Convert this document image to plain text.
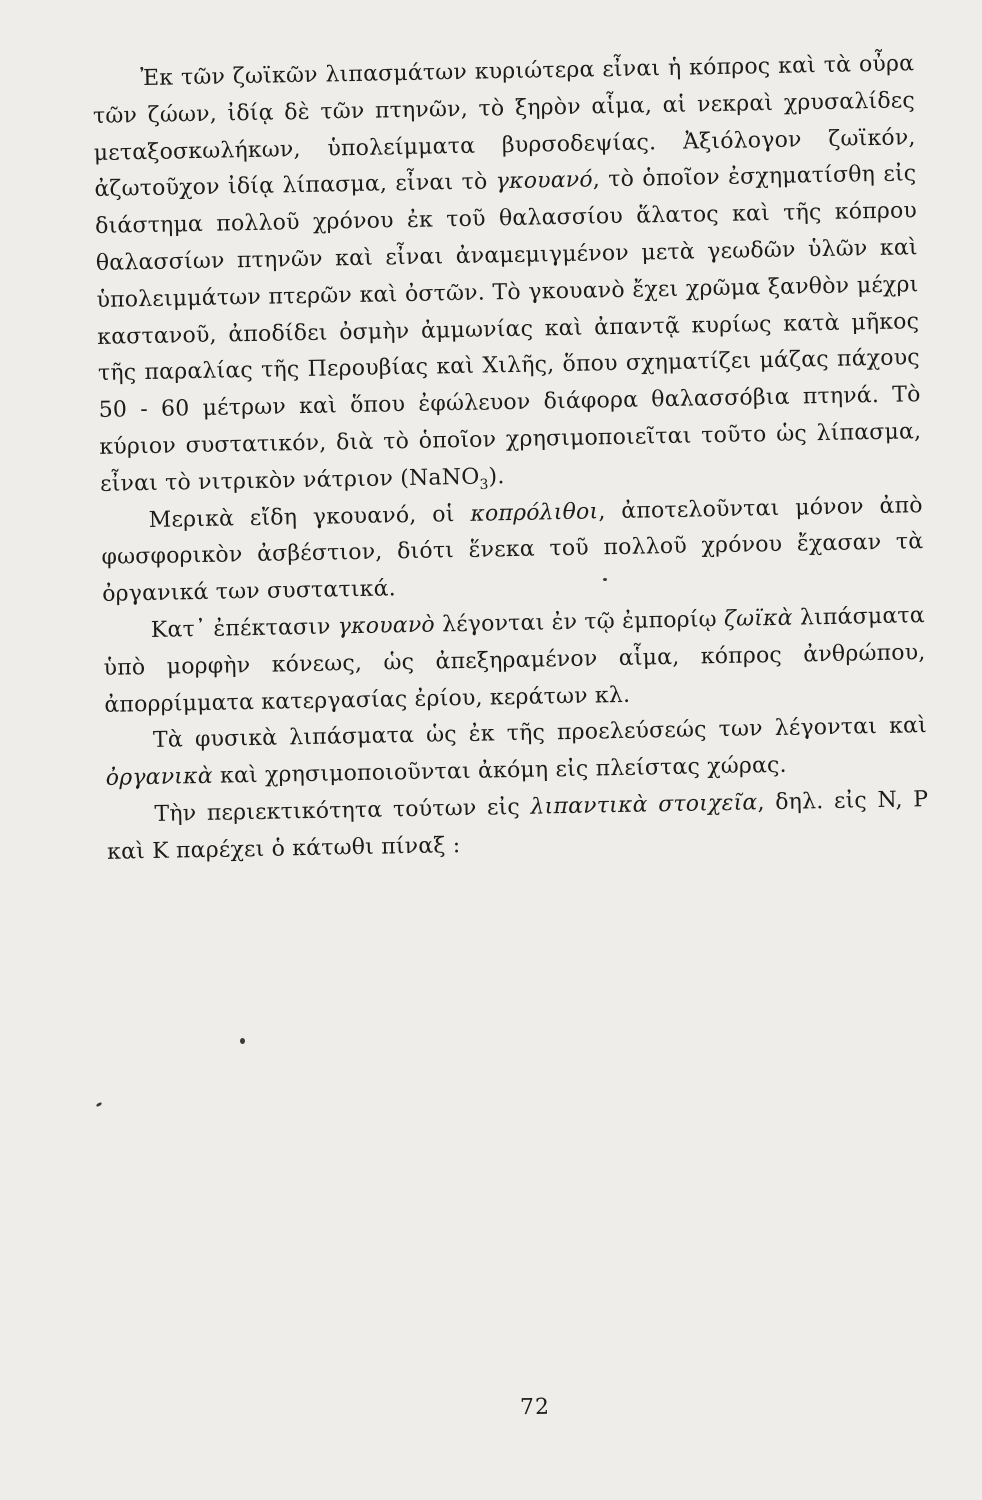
Ἐκ τῶν ζωϊκῶν λιπασμάτων κυριώτερα εἶναι ἡ κόπρος καὶ τὰ οὖρα τῶν ζώων, ἰδίᾳ δὲ τῶν πτηνῶν, τὸ ξηρὸν αἷμα, αἱ νεκραὶ χρυσαλίδες μεταξοσκωλήκων, ὑπολείμματα βυρσοδεψίας. Ἀξιόλογον ζωϊκόν, ἀζωτοῦχον ἰδίᾳ λίπασμα, εἶναι τὸ γκουανό, τὸ ὁποῖον ἐσχηματίσθη εἰς διάστημα πολλοῦ χρόνου ἐκ τοῦ θαλασσίου ἅλατος καὶ τῆς κόπρου θαλασσίων πτηνῶν καὶ εἶναι ἀναμεμιγμένον μετὰ γεωδῶν ὑλῶν καὶ ὑπολειμμάτων πτερῶν καὶ ὀστῶν. Τὸ γκουανὸ ἔχει χρῶμα ξανθὸν μέχρι καστανοῦ, ἀποδίδει ὀσμὴν ἀμμωνίας καὶ ἀπαντᾷ κυρίως κατὰ μῆκος τῆς παραλίας τῆς Περουβίας καὶ Χιλῆς, ὅπου σχηματίζει μάζας πάχους 50 - 60 μέτρων καὶ ὅπου ἐφώλευον διάφορα θαλασσόβια πτηνά. Τὸ κύριον συστατικόν, διὰ τὸ ὁποῖον χρησιμοποιεῖται τοῦτο ὡς λίπασμα, εἶναι τὸ νιτρικὸν νάτριον (NaNO$_3$).

Μερικὰ εἴδη γκουανό, οἱ κοπρόλιθοι, ἀποτελοῦνται μόνον ἀπὸ φωσφορικὸν ἀσβέστιον, διότι ἕνεκα τοῦ πολλοῦ χρόνου ἔχασαν τὰ ὀργανικά των συστατικά.

Κατ᾽ ἐπέκτασιν γκουανὸ λέγονται ἐν τῷ ἐμπορίῳ ζωϊκὰ λιπάσματα ὑπὸ μορφὴν κόνεως, ὡς ἀπεξηραμένον αἷμα, κόπρος ἀνθρώπου, ἀπορρίμματα κατεργασίας ἐρίου, κεράτων κλ.

Τὰ φυσικὰ λιπάσματα ὡς ἐκ τῆς προελεύσεώς των λέγονται καὶ ὀργανικὰ καὶ χρησιμοποιοῦνται ἀκόμη εἰς πλείστας χώρας.

Τὴν περιεκτικότητα τούτων εἰς λιπαντικὰ στοιχεῖα, δηλ. εἰς N, P καὶ K παρέχει ὁ κάτωθι πίναξ :

72
